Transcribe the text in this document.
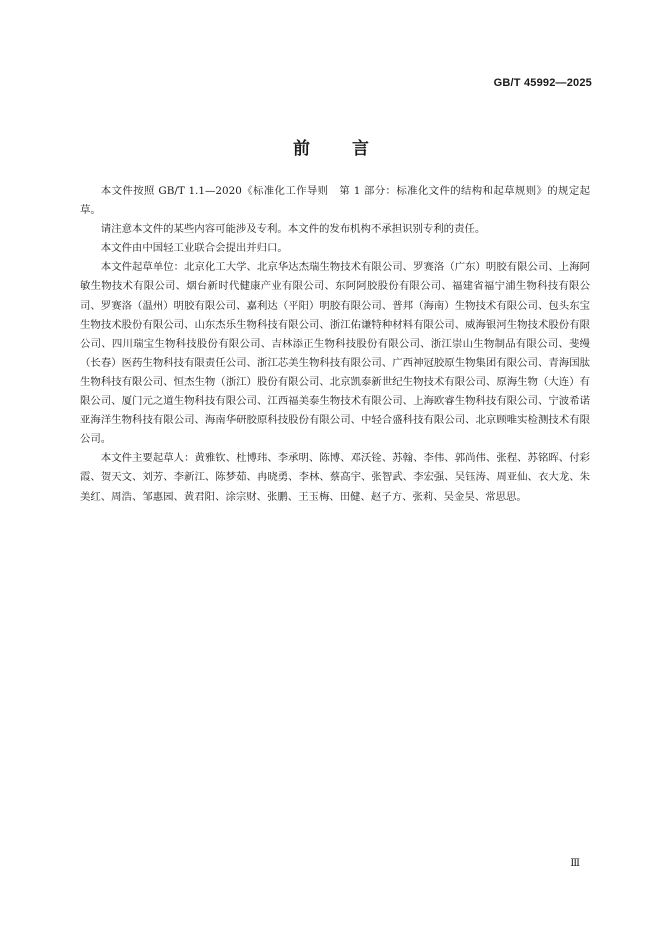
GB/T 45992—2025
前言

本文件按照 GB/T 1.1—2020《标准化工作导则　第 1 部分：标准化文件的结构和起草规则》的规定起草。

请注意本文件的某些内容可能涉及专利。本文件的发布机构不承担识别专利的责任。

本文件由中国轻工业联合会提出并归口。

本文件起草单位：北京化工大学、北京华达杰瑞生物技术有限公司、罗赛洛（广东）明胶有限公司、上海阿敏生物技术有限公司、烟台新时代健康产业有限公司、东阿阿胶股份有限公司、福建省福宁浦生物科技有限公司、罗赛洛（温州）明胶有限公司、嘉利达（平阳）明胶有限公司、普邦（海南）生物技术有限公司、包头东宝生物技术股份有限公司、山东杰乐生物科技有限公司、浙江佑谦特种材料有限公司、威海银河生物技术股份有限公司、四川瑞宝生物科技股份有限公司、吉林添正生物科技股份有限公司、浙江崇山生物制品有限公司、斐缦（长春）医药生物科技有限责任公司、浙江芯美生物科技有限公司、广西神冠胶原生物集团有限公司、青海国肽生物科技有限公司、恒杰生物（浙江）股份有限公司、北京凯泰新世纪生物技术有限公司、原海生物（大连）有限公司、厦门元之道生物科技有限公司、江西福美泰生物技术有限公司、上海欧睿生物科技有限公司、宁波希诺亚海洋生物科技有限公司、海南华研胶原科技股份有限公司、中轻合盛科技有限公司、北京顾唯实检测技术有限公司。

本文件主要起草人：黄雅钦、杜博玮、李承明、陈博、邓沃铨、苏翰、李伟、郭尚伟、张程、苏铭晖、付彩霞、贺天文、刘芳、李新江、陈梦茹、冉晓勇、李林、蔡高宇、张智武、李宏强、吴钰涛、周亚仙、衣大龙、朱美红、周浩、邹惠园、黄君阳、涂宗财、张鹏、王玉梅、田健、赵子方、张莉、吴金昊、常思思。

Ⅲ
